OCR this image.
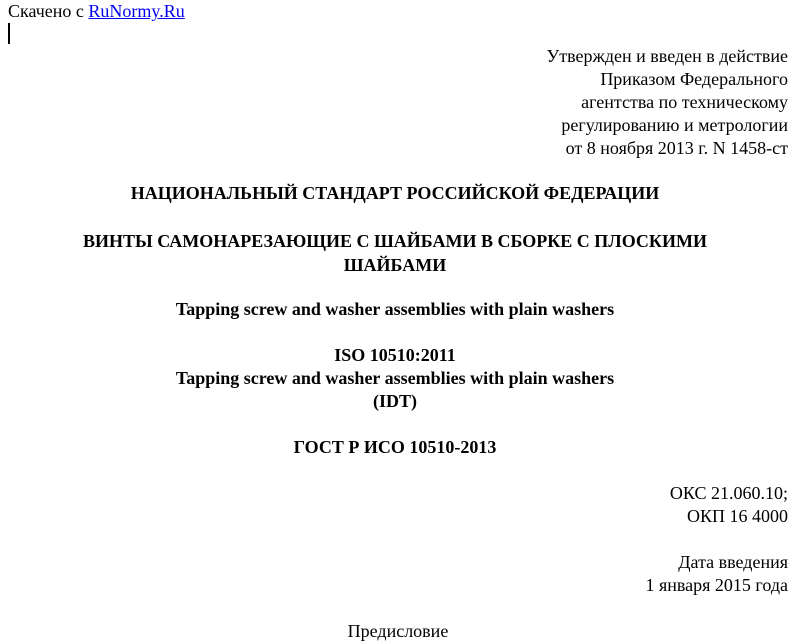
Скачено с RuNormy.Ru
Утвержден и введен в действие
Приказом Федерального
агентства по техническому
регулированию и метрологии
от 8 ноября 2013 г. N 1458-ст
НАЦИОНАЛЬНЫЙ СТАНДАРТ РОССИЙСКОЙ ФЕДЕРАЦИИ
ВИНТЫ САМОНАРЕЗАЮЩИЕ С ШАЙБАМИ В СБОРКЕ С ПЛОСКИМИ
ШАЙБАМИ
Tapping screw and washer assemblies with plain washers
ISO 10510:2011
Tapping screw and washer assemblies with plain washers
(IDT)
ГОСТ Р ИСО 10510-2013
ОКС 21.060.10;
ОКП 16 4000
Дата введения
1 января 2015 года
Предисловие
